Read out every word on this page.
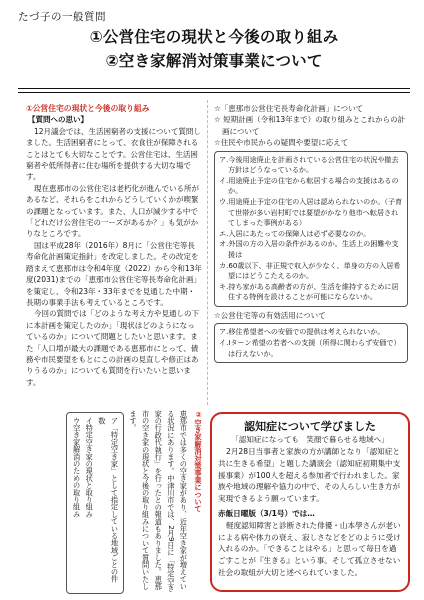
たづ子の一般質問
①公営住宅の現状と今後の取り組み
②空き家解消対策事業について

①公営住宅の現状と今後の取り組み

【質問への思い】

12月議会では、生活困窮者の支援について質問しました。生活困窮者にとって、衣食住が保障されることはとても大切なことです。公営住宅は、生活困窮者や低所得者に住む場所を提供する大切な場です。

現在恵那市の公営住宅は老朽化が進んでいる所があるなど、それらをこれからどうしていくかが喫緊の課題となっています。また、人口が減少する中で「どれだけ公営住宅の一ーズがあるか？」も気がかりなところです。

国は平成28年（2016年）8月に「公営住宅等長寿命化計画策定指針」を改定しました。その改定を踏まえて恵那市は令和4年度（2022）から令和13年度(2031)までの「恵那市公営住宅等長寿命化計画」を策定し、令和23年・33年までを見通した中期・長期の事業手法も考えているところです。

今回の質問では「どのような考え方や見通しの下に本計画を策定したのか」「現状はどのようになっているのか」について問題としたいと思います。また「人口増が最大の課題である恵那市にとって、債務や市民要望をもとにこの計画の見直しや修正はありうるのか」についても質問を行いたいと思います。

☆「恵那市公営住宅長寿命化計画」について

☆ 短期計画（令和13年まで）の取り組みとこれからの計画について

☆住民や市民からの疑問や要望に応えて

ア.今後用途廃止を計画されている公営住宅の状況や撤去方針はどうなっているか。

イ.用途廃止予定の住宅から転居する場合の支援はあるのか。

ウ.用途廃止予定の住宅の入居は認められないのか。（子育て世帯が多い岩村町では要望がかなり他市へ転居されてしまった事例がある）

エ.入居にあたっての保障人は必ず必要なのか。

オ.外国の方の入居の条件があるのか。生活上の困難や支援は

カ.60歳以下、非正規で収入が少なく、単身の方の入居希望にはどうこたえるのか。

キ.持ち家がある高齢者の方が、生活を維持するために居住する特例を設けることが可能にならないか。

☆公営住宅等の有効活用について

ア.移住希望者への安価での提供は考えられないか。

イ.Iターン希望の若者への支援（所得に関わらず安価で）は行えないか。

②空き家解消対策事業について
恵那市では多くの空き家があり、近年空き家が増えている状況にあります。中津川市では、2月9日に「特定空き家の行政代執行」を行ったとの報道もありました。恵那市の空き家の現状と今後の取り組みについて質問いたします。
ア「特定空き家」として指定している地域ごとの件数
イ特定空き家の現状と取り組み
ウ空き家解消のための取り組み	認知症について学びました
「認知症になっても　笑顔で暮らせる地域へ」

2月28日当事者と家族の方が講師となり「認知症と共に生きる希望」と題した講演会（認知症初期集中支援事業）が100人を超える参加者で行われました。家族や地域の理解や協力の中で、その人らしい生き方が実現できるよう願っています。

赤飯日曜版（3/1号）では…

軽度認知障害と診断された俳優・山本學さんが老いによる病や体力の衰え、寂しさなどをどのように受け入れるのか。「できることはやる」と思って毎日を過ごすことが『生きる』という事。そして孤立させない社会の取組が大切と述べられていました。
